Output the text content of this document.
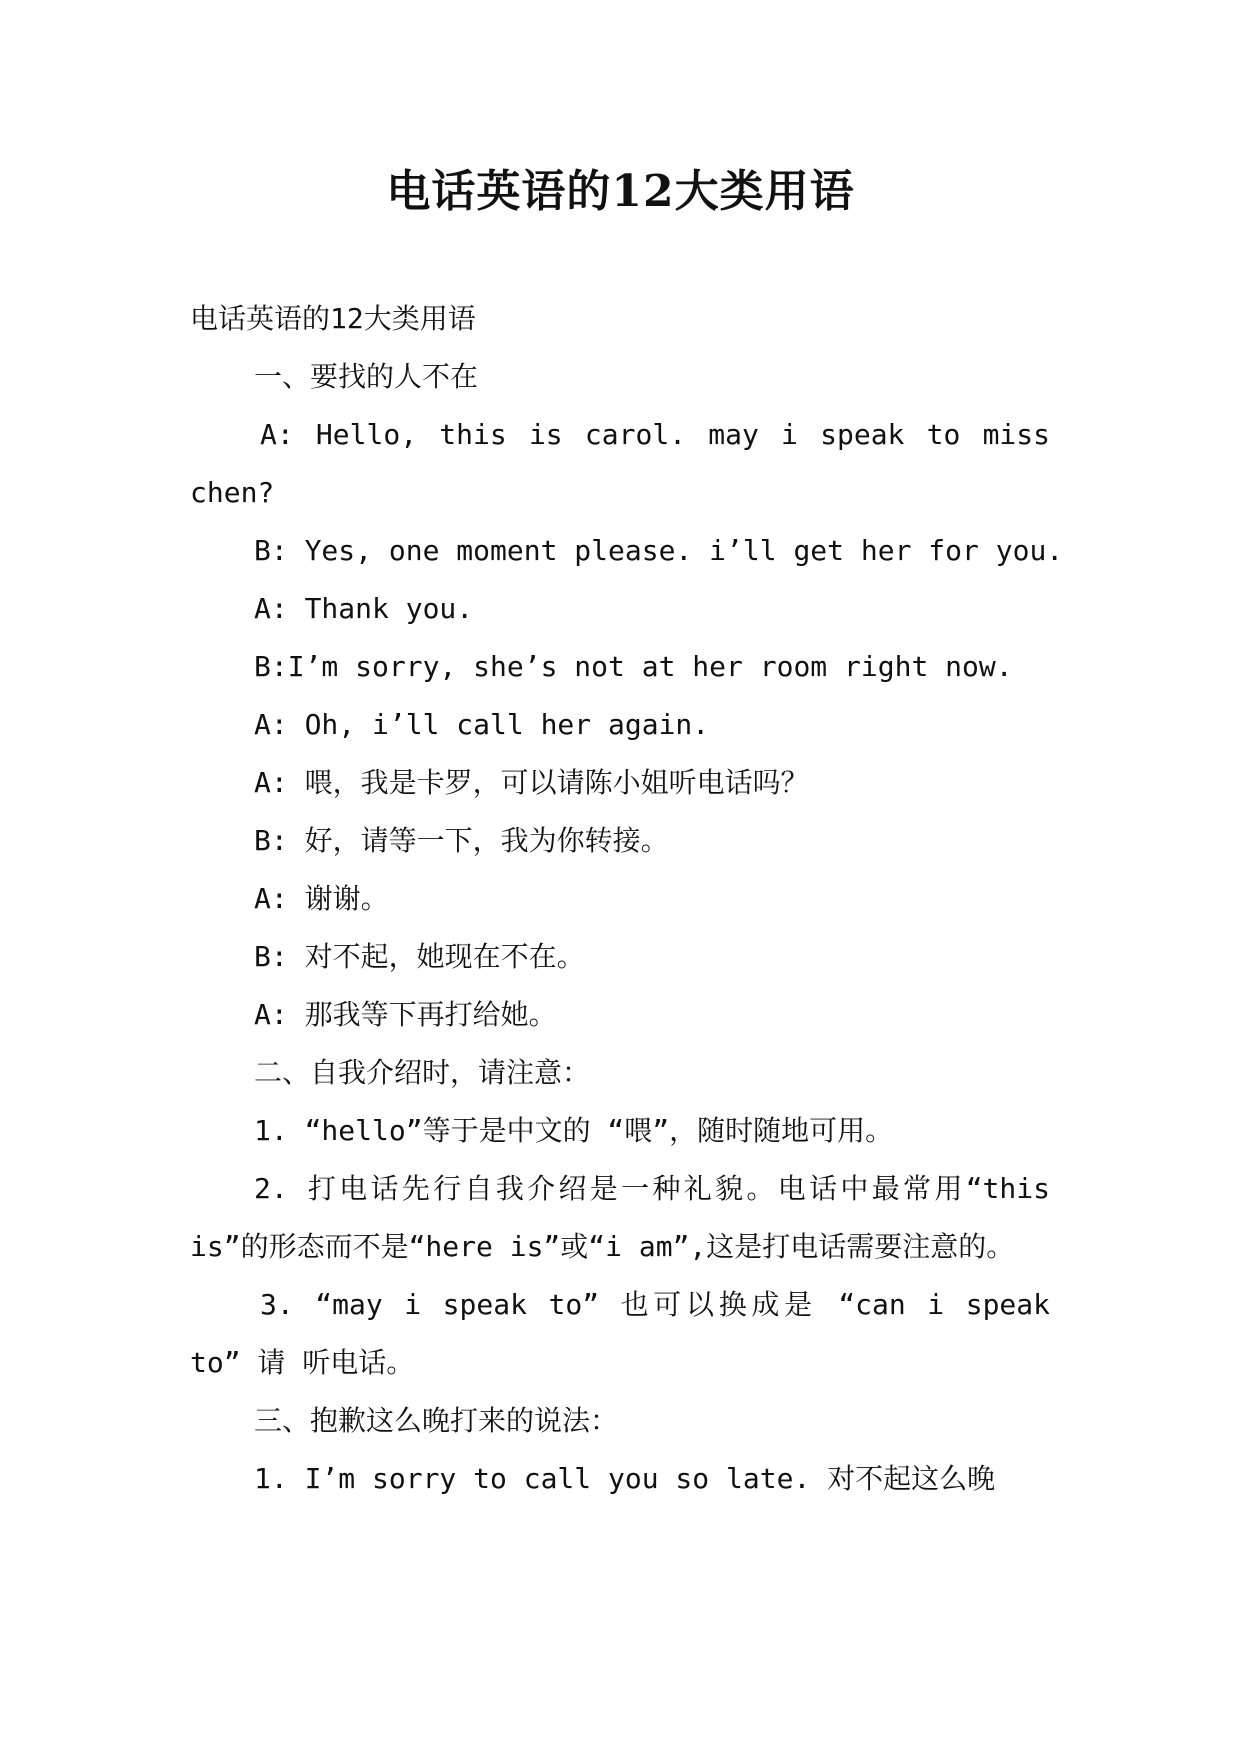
电话英语的12大类用语

电话英语的12大类用语

一、要找的人不在

A: Hello, this is carol. may i speak to miss chen?

B: Yes, one moment please. i’ll get her for you.

A: Thank you.

B:I’m sorry, she’s not at her room right now.

A: Oh, i’ll call her again.

A: 喂，我是卡罗，可以请陈小姐听电话吗？

B: 好，请等一下，我为你转接。

A: 谢谢。

B: 对不起，她现在不在。

A: 那我等下再打给她。

二、自我介绍时，请注意：

1. “hello”等于是中文的 “喂”，随时随地可用。

2. 打电话先行自我介绍是一种礼貌。电话中最常用“this is”的形态而不是“here is”或“i am”,这是打电话需要注意的。

3. “may i speak to” 也可以换成是 “can i speak to” 请 听电话。

三、抱歉这么晚打来的说法：

1. I’m sorry to call you so late. 对不起这么晚
